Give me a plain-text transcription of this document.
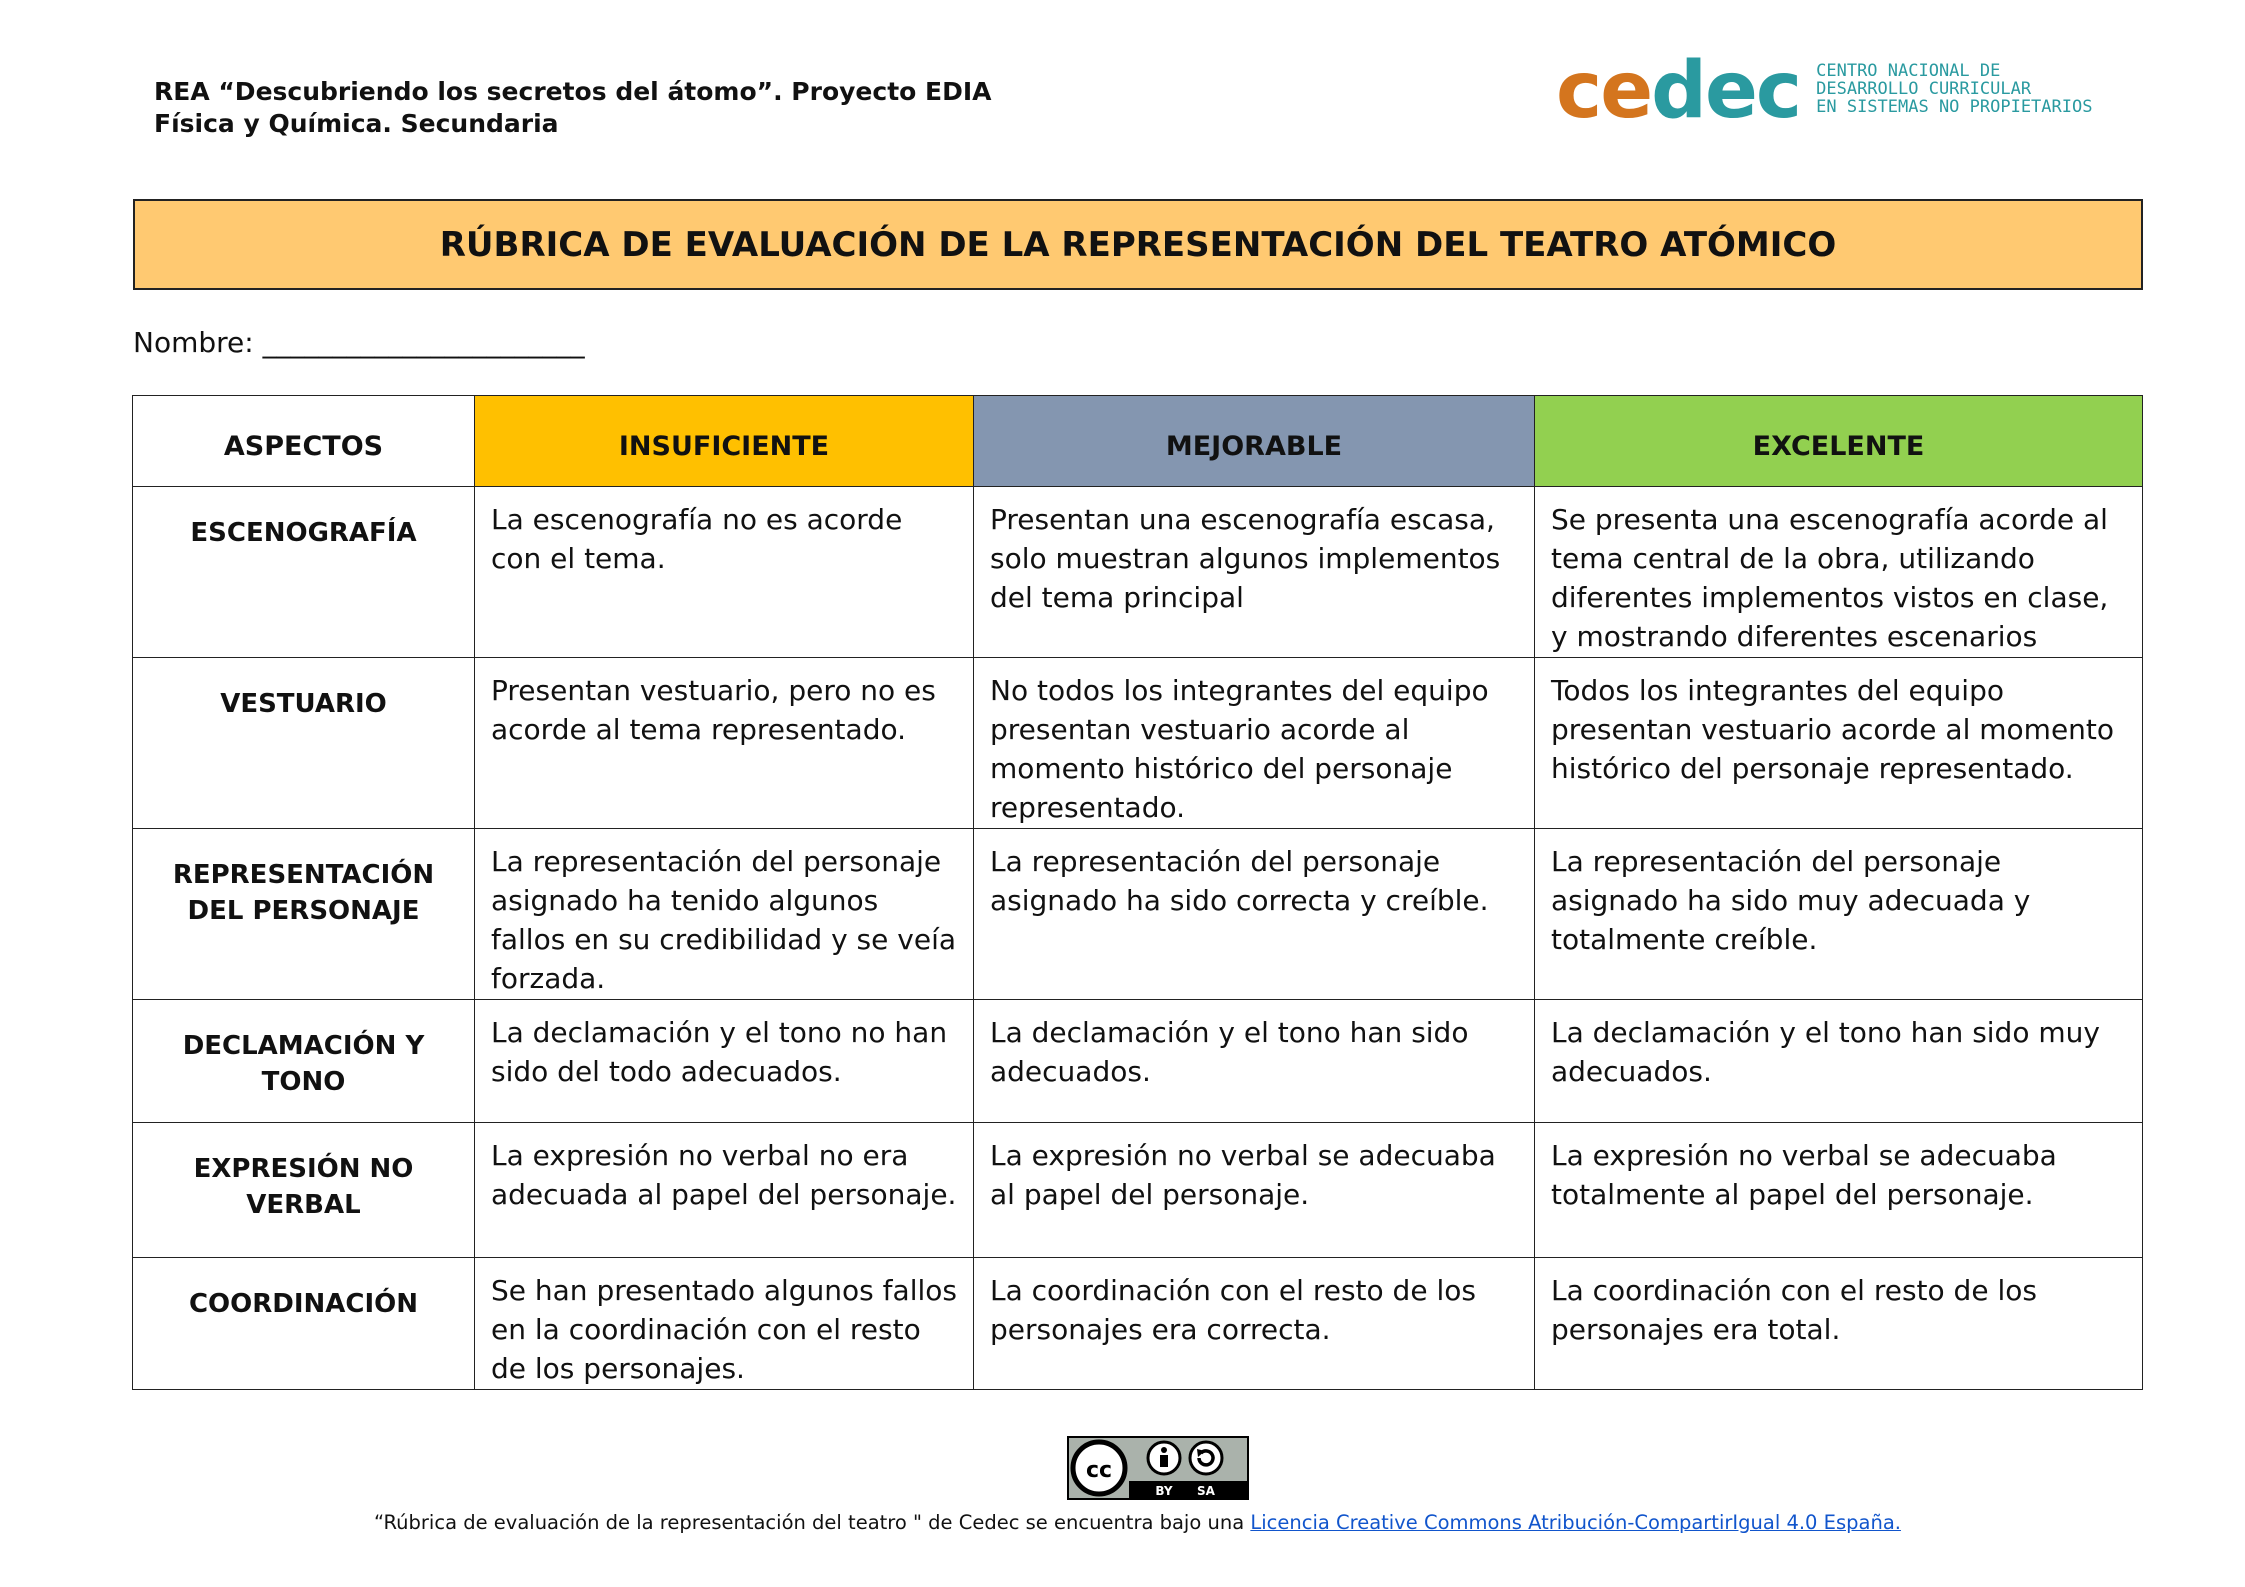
REA “Descubriendo los secretos del átomo”. Proyecto EDIA
Física y Química. Secundaria	cedec CENTRO NACIONAL DE
DESARROLLO CURRICULAR
EN SISTEMAS NO PROPIETARIOS
RÚBRICA DE EVALUACIÓN DE LA REPRESENTACIÓN DEL TEATRO ATÓMICO
Nombre: _______________________
ASPECTOS	INSUFICIENTE	MEJORABLE	EXCELENTE
ESCENOGRAFÍA	La escenografía no es acorde con el tema.	Presentan una escenografía escasa, solo muestran algunos implementos del tema principal	Se presenta una escenografía acorde al tema central de la obra, utilizando diferentes implementos vistos en clase, y mostrando diferentes escenarios
VESTUARIO	Presentan vestuario, pero no es acorde al tema representado.	No todos los integrantes del equipo presentan vestuario acorde al momento histórico del personaje representado.	Todos los integrantes del equipo presentan vestuario acorde al momento histórico del personaje representado.
REPRESENTACIÓN DEL PERSONAJE	La representación del personaje asignado ha tenido algunos fallos en su credibilidad y se veía forzada.	La representación del personaje asignado ha sido correcta y creíble.	La representación del personaje asignado ha sido muy adecuada y totalmente creíble.
DECLAMACIÓN Y TONO	La declamación y el tono no han sido del todo adecuados.	La declamación y el tono han sido adecuados.	La declamación y el tono han sido muy adecuados.
EXPRESIÓN NO VERBAL	La expresión no verbal no era adecuada al papel del personaje.	La expresión no verbal se adecuaba al papel del personaje.	La expresión no verbal se adecuaba totalmente al papel del personaje.
COORDINACIÓN	Se han presentado algunos fallos en la coordinación con el resto de los personajes.	La coordinación con el resto de los personajes era correcta.	La coordinación con el resto de los personajes era total.
cc
BY SA
“Rúbrica de evaluación de la representación del teatro " de Cedec se encuentra bajo una Licencia Creative Commons Atribución-CompartirIgual 4.0 España.
